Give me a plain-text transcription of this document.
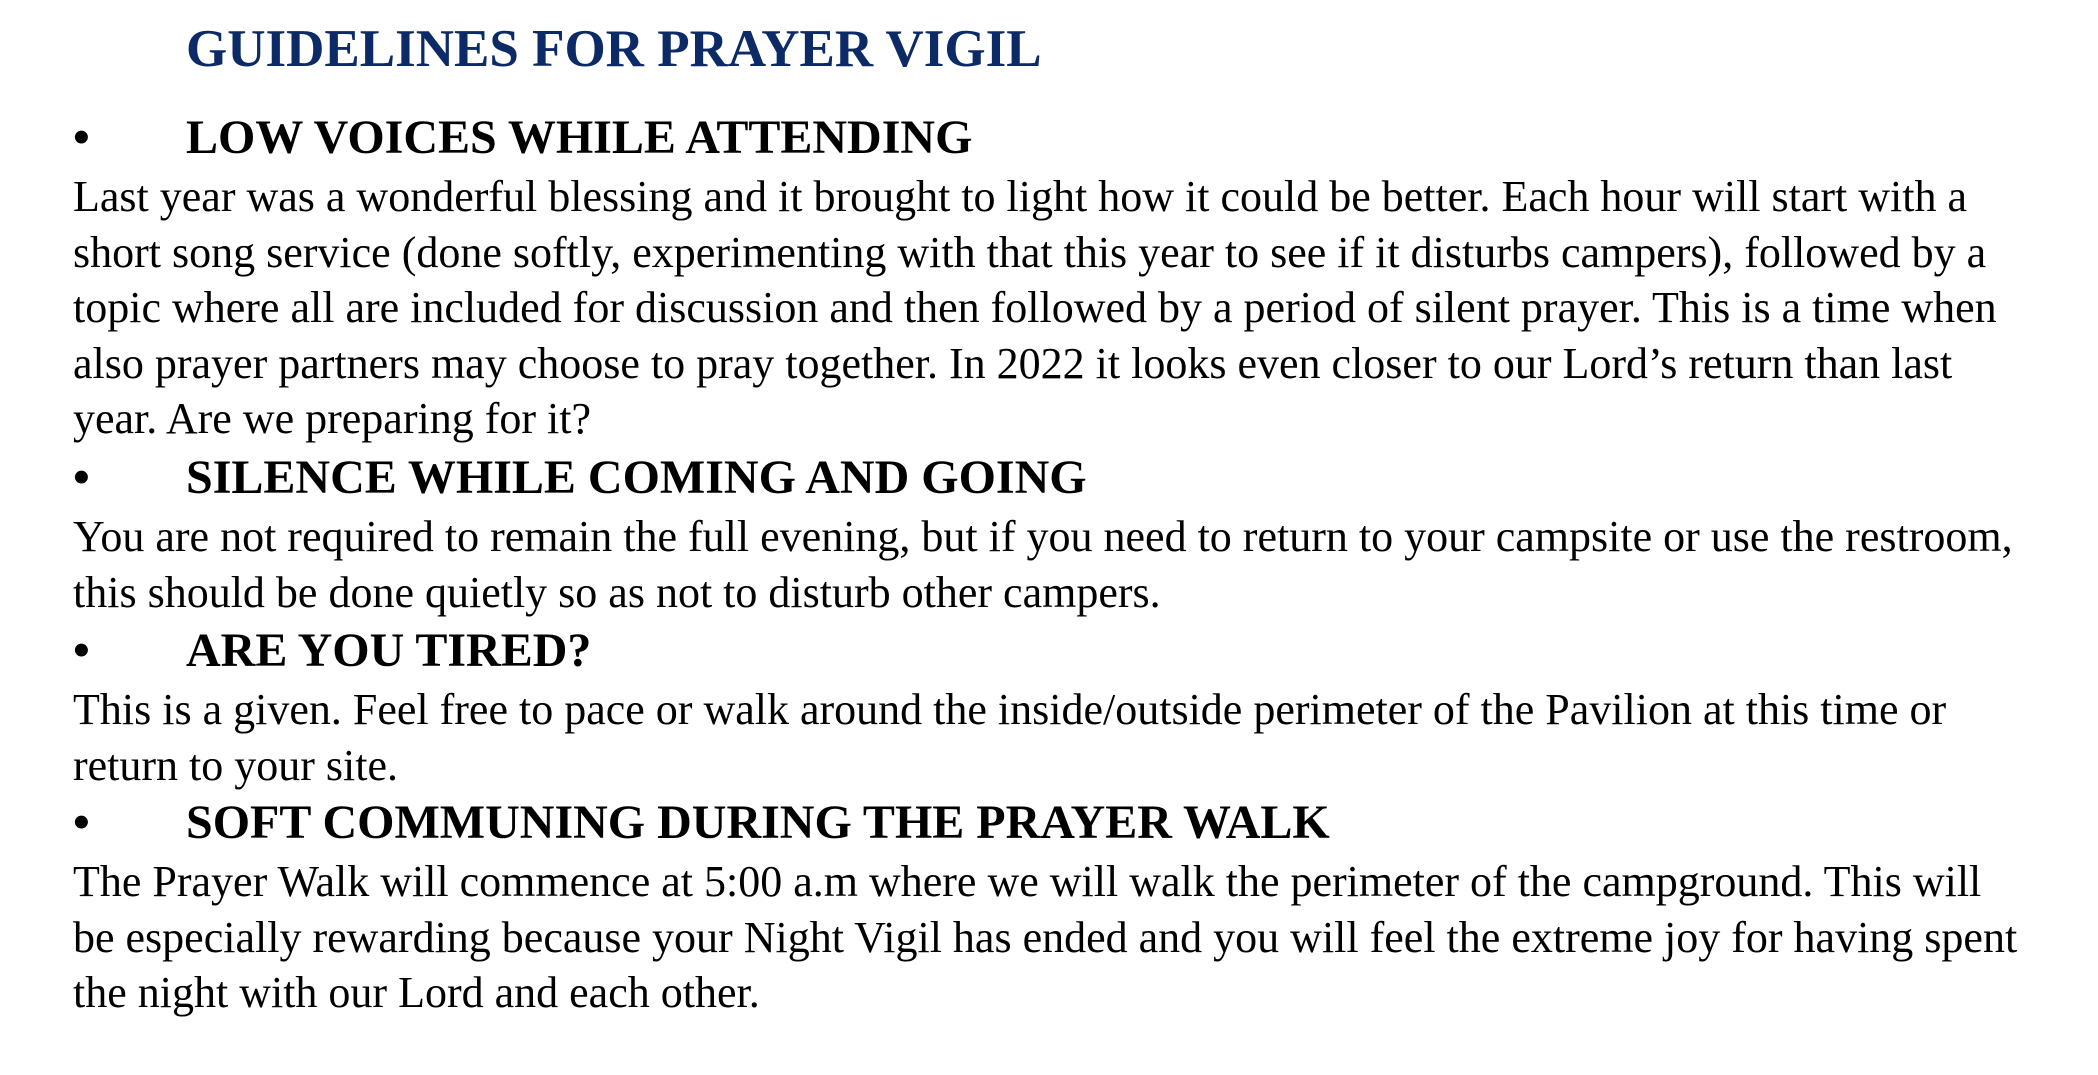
GUIDELINES FOR PRAYER VIGIL
• LOW VOICES WHILE ATTENDING

Last year was a wonderful blessing and it brought to light how it could be better. Each hour will start with a short song service (done softly, experimenting with that this year to see if it disturbs campers), followed by a topic where all are included for discussion and then followed by a period of silent prayer. This is a time when also prayer partners may choose to pray together. In 2022 it looks even closer to our Lord’s return than last year. Are we preparing for it?

• SILENCE WHILE COMING AND GOING

You are not required to remain the full evening, but if you need to return to your campsite or use the restroom, this should be done quietly so as not to disturb other campers.

• ARE YOU TIRED?

This is a given. Feel free to pace or walk around the inside/outside perimeter of the Pavilion at this time or return to your site.

• SOFT COMMUNING DURING THE PRAYER WALK

The Prayer Walk will commence at 5:00 a.m where we will walk the perimeter of the campground. This will be especially rewarding because your Night Vigil has ended and you will feel the extreme joy for having spent the night with our Lord and each other.
